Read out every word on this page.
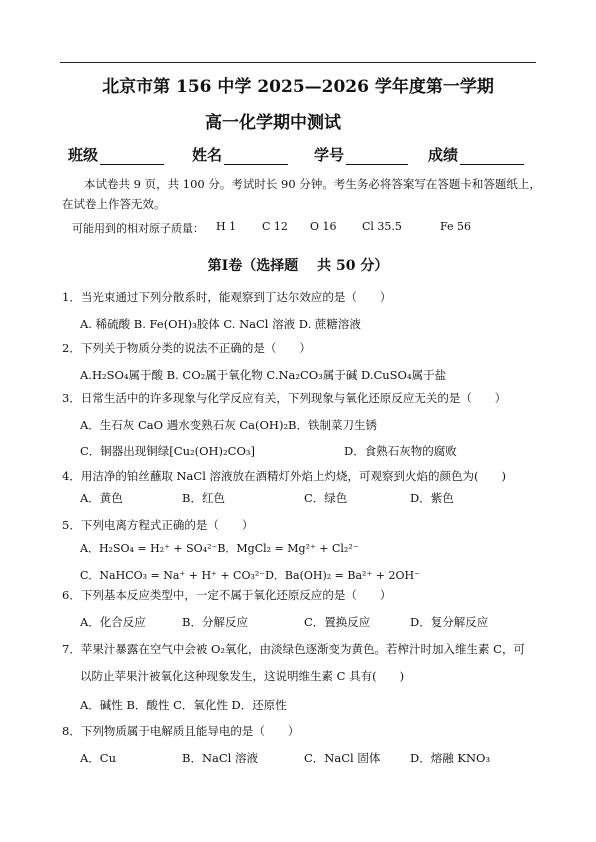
北京市第 156 中学 2025—2026 学年度第一学期
高一化学期中测试
班级	姓名	学号	成绩
本试卷共 9 页，共 100 分。考试时长 90 分钟。考生务必将答案写在答题卡和答题纸上，
在试卷上作答无效。
可能用到的相对原子质量： H 1 C 12 O 16 Cl 35.5	Fe 56
第Ⅰ卷（选择题　 共 50 分）
1．当光束通过下列分散系时，能观察到丁达尔效应的是（　　）
A. 稀硫酸 B. Fe(OH)₃胶体 C. NaCl 溶液 D. 蔗糖溶液
2．下列关于物质分类的说法不正确的是（　　）
A.H₂SO₄属于酸 B. CO₂属于氧化物 C.Na₂CO₃属于碱 D.CuSO₄属于盐
3．日常生活中的许多现象与化学反应有关，下列现象与氧化还原反应无关的是（　　）
A．生石灰 CaO 遇水变熟石灰 Ca(OH)₂B．铁制菜刀生锈
C．铜器出现铜绿[Cu₂(OH)₂CO₃]	D．食熟石灰物的腐败
4．用洁净的铂丝蘸取 NaCl 溶液放在酒精灯外焰上灼烧，可观察到火焰的颜色为(　　)
A．黄色	B．红色	C．绿色	D．紫色
5．下列电离方程式正确的是（　　）
A．H₂SO₄ = H₂⁺ + SO₄²⁻B．MgCl₂ = Mg²⁺ + Cl₂²⁻
C．NaHCO₃ = Na⁺ + H⁺ + CO₃²⁻D．Ba(OH)₂ = Ba²⁺ + 2OH⁻
6．下列基本反应类型中，一定不属于氧化还原反应的是（　　）
A．化合反应	B．分解反应	C．置换反应	D．复分解反应
7．苹果汁暴露在空气中会被 O₂氧化，由淡绿色逐渐变为黄色。若榨汁时加入维生素 C，可
以防止苹果汁被氧化这种现象发生，这说明维生素 C 具有(　　)
A．碱性 B．酸性 C．氧化性 D．还原性
8．下列物质属于电解质且能导电的是（　　）
A．Cu	B．NaCl 溶液	C．NaCl 固体	D．熔融 KNO₃
